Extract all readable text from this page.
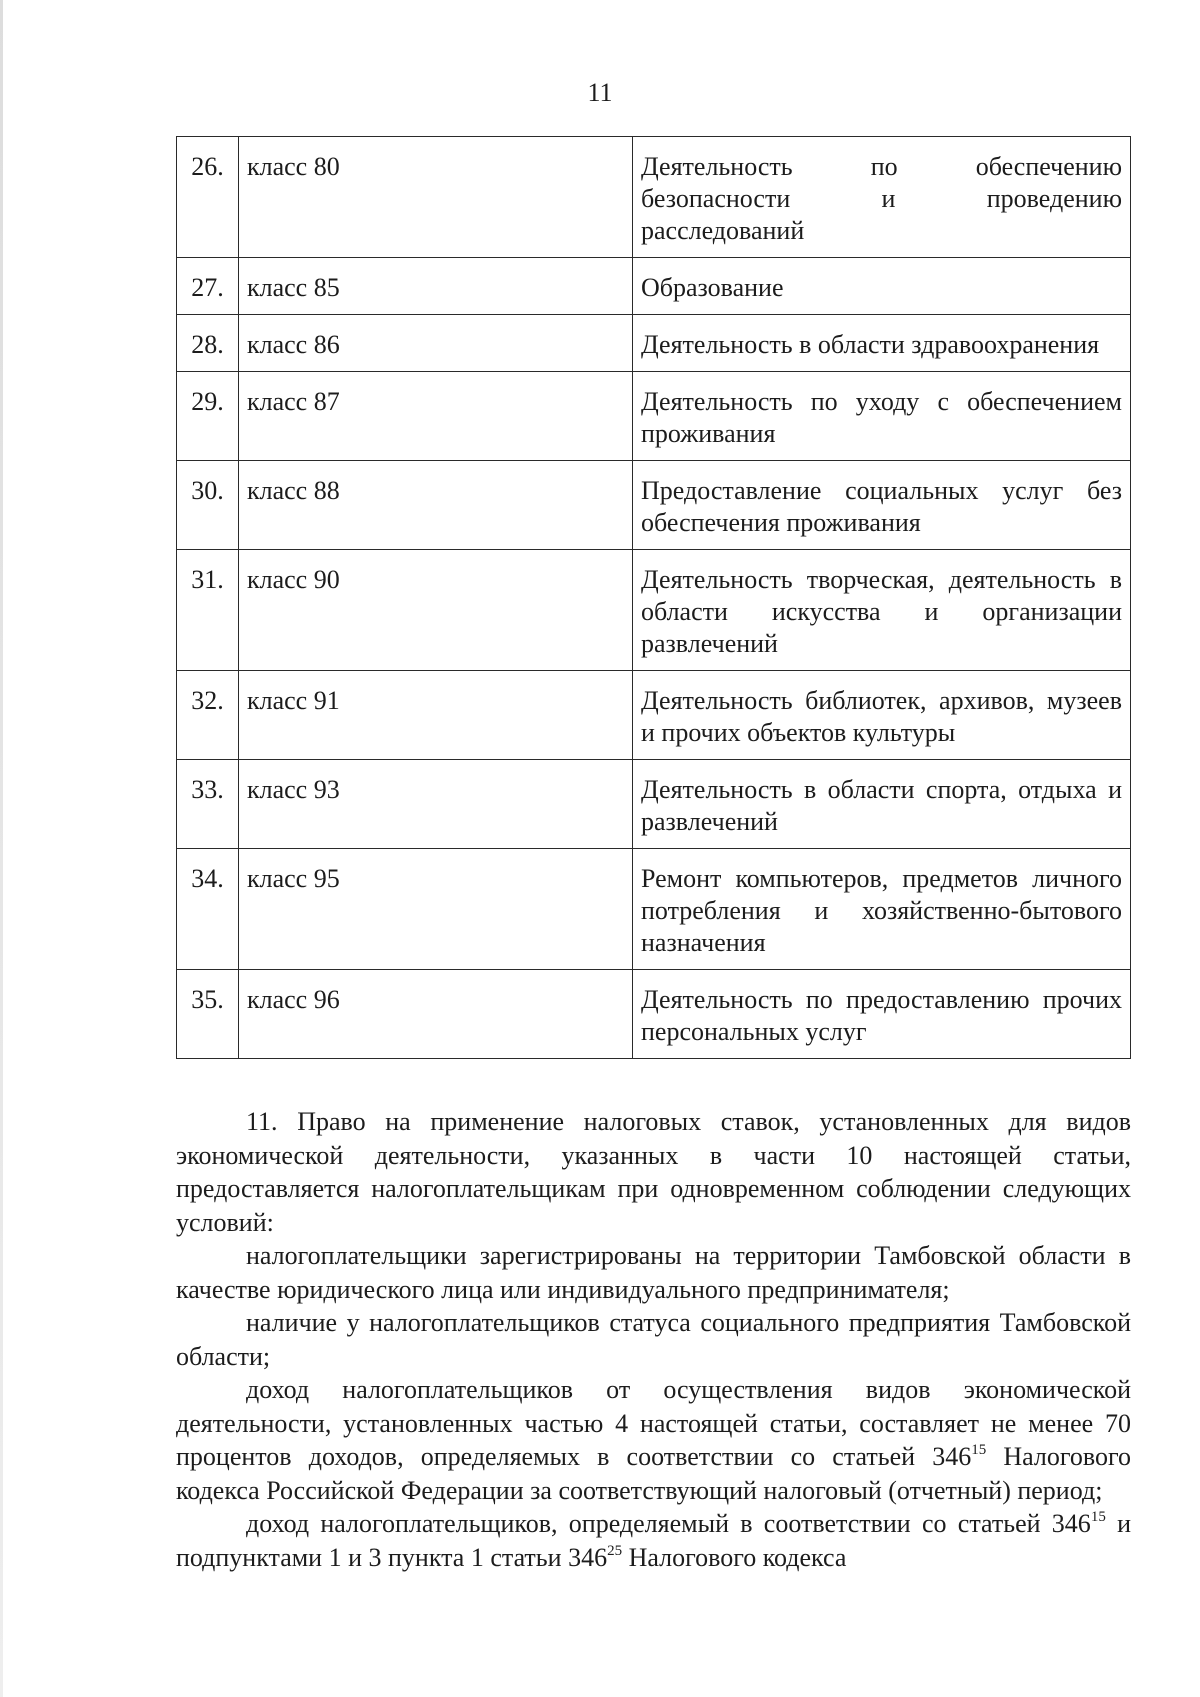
11
26.	класс 80	Деятельность по обеспечению безопасности и проведению расследований
27.	класс 85	Образование
28.	класс 86	Деятельность в области здравоохранения
29.	класс 87	Деятельность по уходу с обеспечением проживания
30.	класс 88	Предоставление социальных услуг без обеспечения проживания
31.	класс 90	Деятельность творческая, деятельность в области искусства и организации развлечений
32.	класс 91	Деятельность библиотек, архивов, музеев и прочих объектов культуры
33.	класс 93	Деятельность в области спорта, отдыха и развлечений
34.	класс 95	Ремонт компьютеров, предметов личного потребления и хозяйственно-бытового назначения
35.	класс 96	Деятельность по предоставлению прочих персональных услуг

11. Право на применение налоговых ставок, установленных для видов экономической деятельности, указанных в части 10 настоящей статьи, предоставляется налогоплательщикам при одновременном соблюдении следующих условий:

налогоплательщики зарегистрированы на территории Тамбовской области в качестве юридического лица или индивидуального предпринимателя;

наличие у налогоплательщиков статуса социального предприятия Тамбовской области;

доход налогоплательщиков от осуществления видов экономической деятельности, установленных частью 4 настоящей статьи, составляет не менее 70 процентов доходов, определяемых в соответствии со статьей $346^{15}$ Налогового кодекса Российской Федерации за соответствующий налоговый (отчетный) период;

доход налогоплательщиков, определяемый в соответствии со статьей $346^{15}$ и подпунктами 1 и 3 пункта 1 статьи $346^{25}$ Налогового кодекса
